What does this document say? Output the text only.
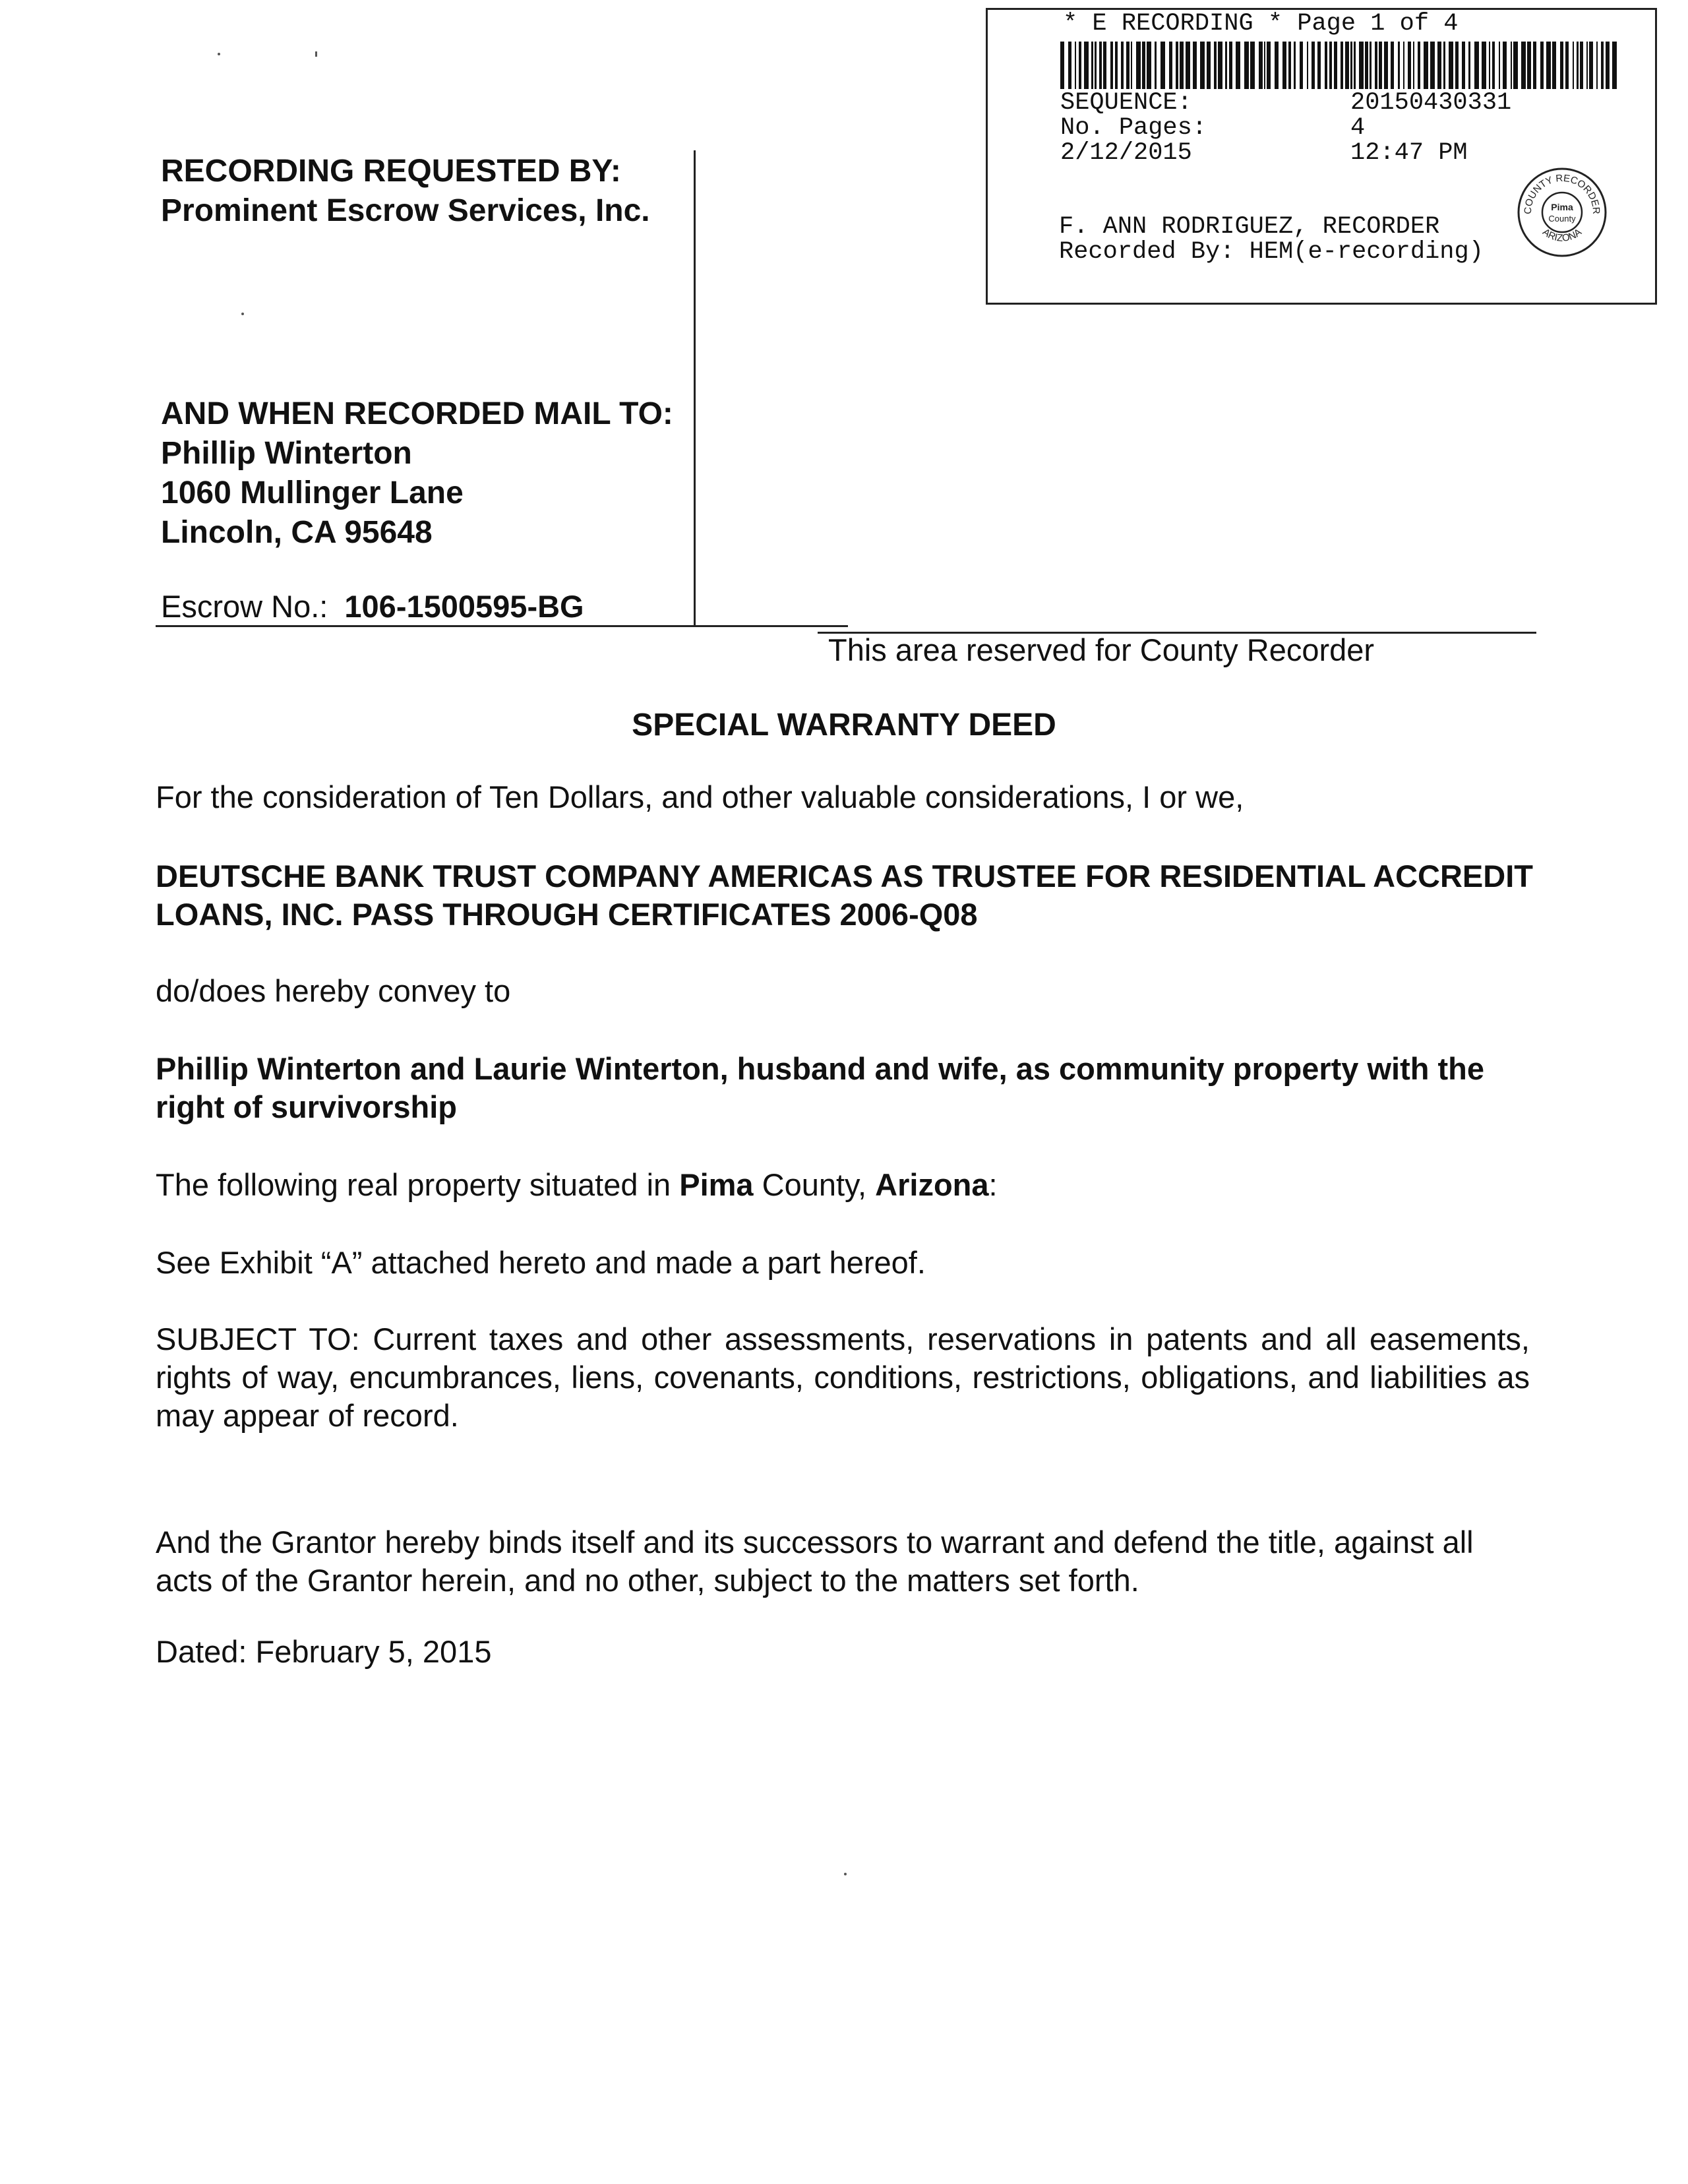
* E RECORDING * Page 1 of 4
SEQUENCE:	20150430331
No. Pages:	4
2/12/2015	12:47 PM
F. ANN RODRIGUEZ, RECORDER
Recorded By: HEM(e-recording)
COUNTY RECORDER
ARIZONA
Pima
County
RECORDING REQUESTED BY:
Prominent Escrow Services, Inc.
AND WHEN RECORDED MAIL TO:
Phillip Winterton
1060 Mullinger Lane
Lincoln, CA 95648
Escrow No.: 106-1500595-BG
This area reserved for County Recorder
SPECIAL WARRANTY DEED
For the consideration of Ten Dollars, and other valuable considerations, I or we,
DEUTSCHE BANK TRUST COMPANY AMERICAS AS TRUSTEE FOR RESIDENTIAL ACCREDIT LOANS, INC. PASS THROUGH CERTIFICATES 2006-Q08
do/does hereby convey to
Phillip Winterton and Laurie Winterton, husband and wife, as community property with the right of survivorship
The following real property situated in Pima County, Arizona:
See Exhibit “A” attached hereto and made a part hereof.
SUBJECT TO: Current taxes and other assessments, reservations in patents and all easements, rights of way, encumbrances, liens, covenants, conditions, restrictions, obligations, and liabilities as may appear of record.
And the Grantor hereby binds itself and its successors to warrant and defend the title, against all acts of the Grantor herein, and no other, subject to the matters set forth.
Dated: February 5, 2015
